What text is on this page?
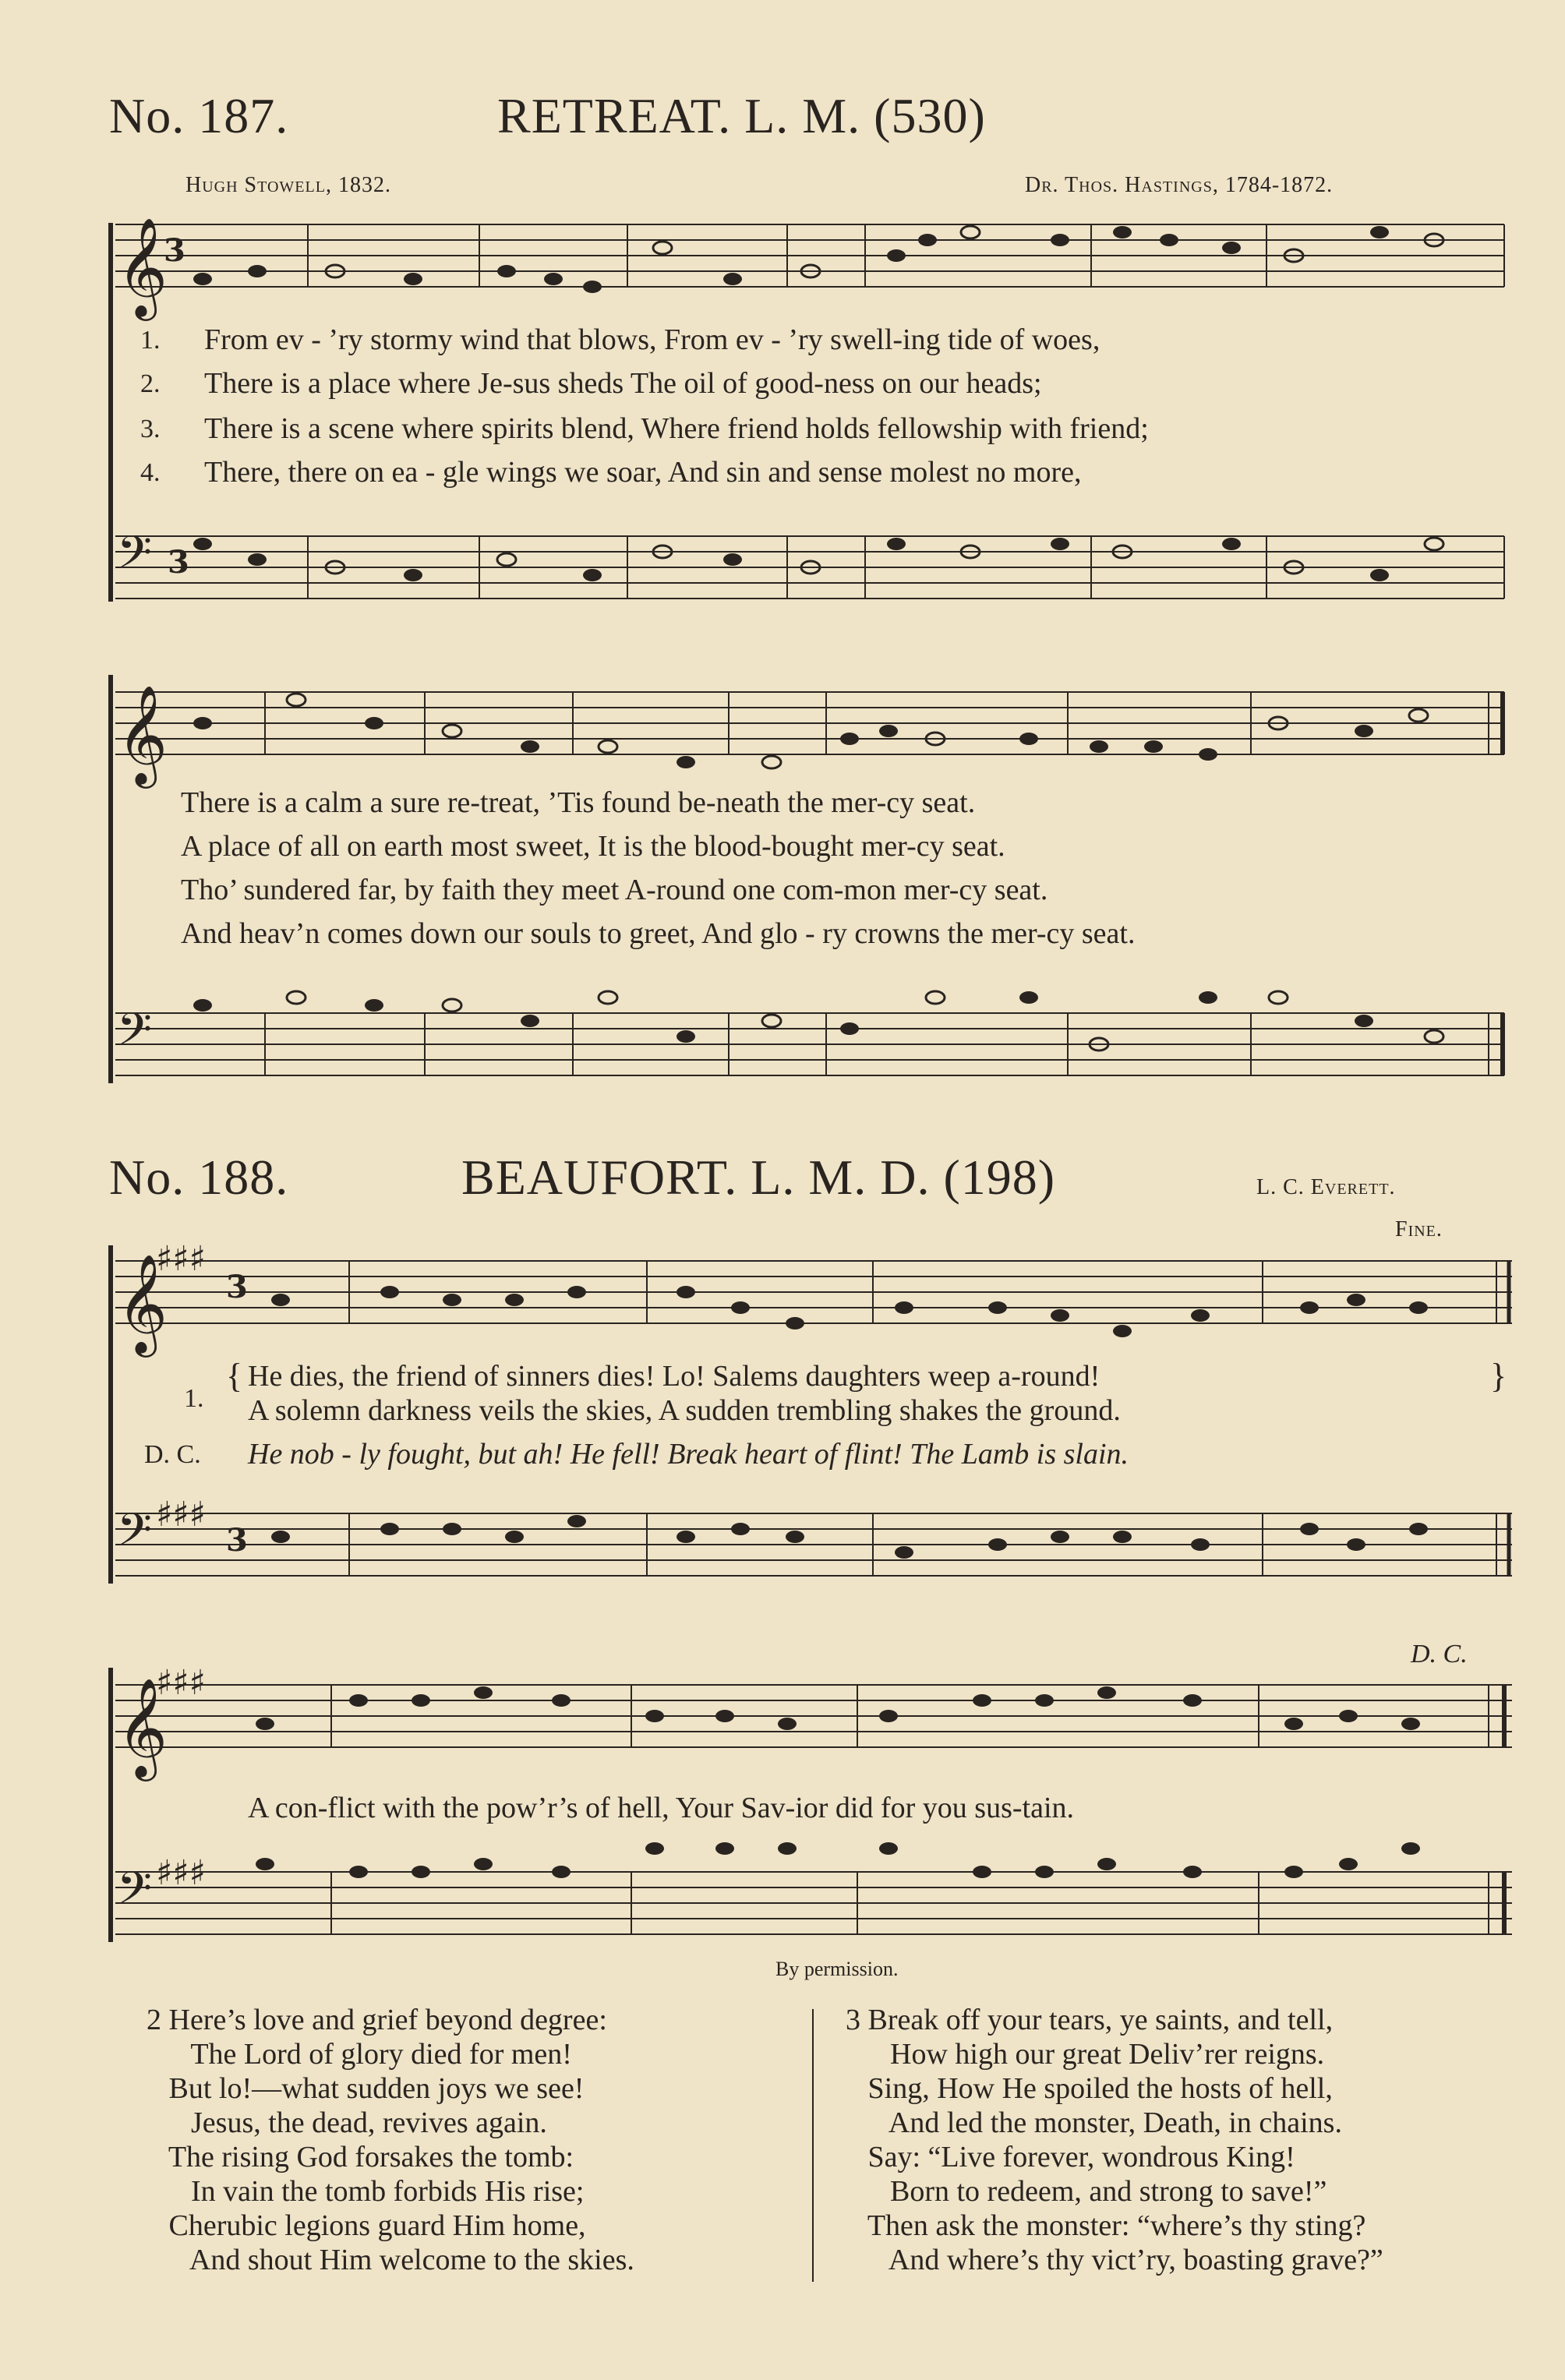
No. 187.	RETREAT. L. M. (530)
Hugh Stowell, 1832.	Dr. Thos. Hastings, 1784-1872.
𝄞
3
𝄢 3
𝄞
𝄢
1. From ev - ’ry stormy wind that blows, From ev - ’ry swell-ing tide of woes,
2. There is a place where Je-sus sheds The oil of good-ness on our heads;
3. There is a scene where spirits blend, Where friend holds fellowship with friend;
4. There, there on ea - gle wings we soar, And sin and sense molest no more,
There is a calm a sure re-treat, ’Tis found be-neath the mer-cy seat.
A place of all on earth most sweet, It is the blood-bought mer-cy seat.
Tho’ sundered far, by faith they meet A-round one com-mon mer-cy seat.
And heav’n comes down our souls to greet, And glo - ry crowns the mer-cy seat.
No. 188.	BEAUFORT. L. M. D. (198)	L. C. Everett.
Fine.
𝄞
♯♯♯
3
𝄢 ♯♯♯
3
𝄞
♯♯♯
𝄢 ♯♯♯
1.
{ He dies, the friend of sinners dies! Lo! Salems daughters weep a-round!
A solemn darkness veils the skies, A sudden trembling shakes the ground.
}
D. C. He nob - ly fought, but ah! He fell! Break heart of flint! The Lamb is slain.
D. C.
A con-flict with the pow’r’s of hell, Your Sav-ior did for you sus-tain.
By permission.
2 Here’s love and grief beyond degree:
The Lord of glory died for men!
But lo!—what sudden joys we see!
Jesus, the dead, revives again.
The rising God forsakes the tomb:
In vain the tomb forbids His rise;
Cherubic legions guard Him home,
And shout Him welcome to the skies.
3 Break off your tears, ye saints, and tell,
How high our great Deliv’rer reigns.
Sing, How He spoiled the hosts of hell,
And led the monster, Death, in chains.
Say: “Live forever, wondrous King!
Born to redeem, and strong to save!”
Then ask the monster: “where’s thy sting?
And where’s thy vict’ry, boasting grave?”
